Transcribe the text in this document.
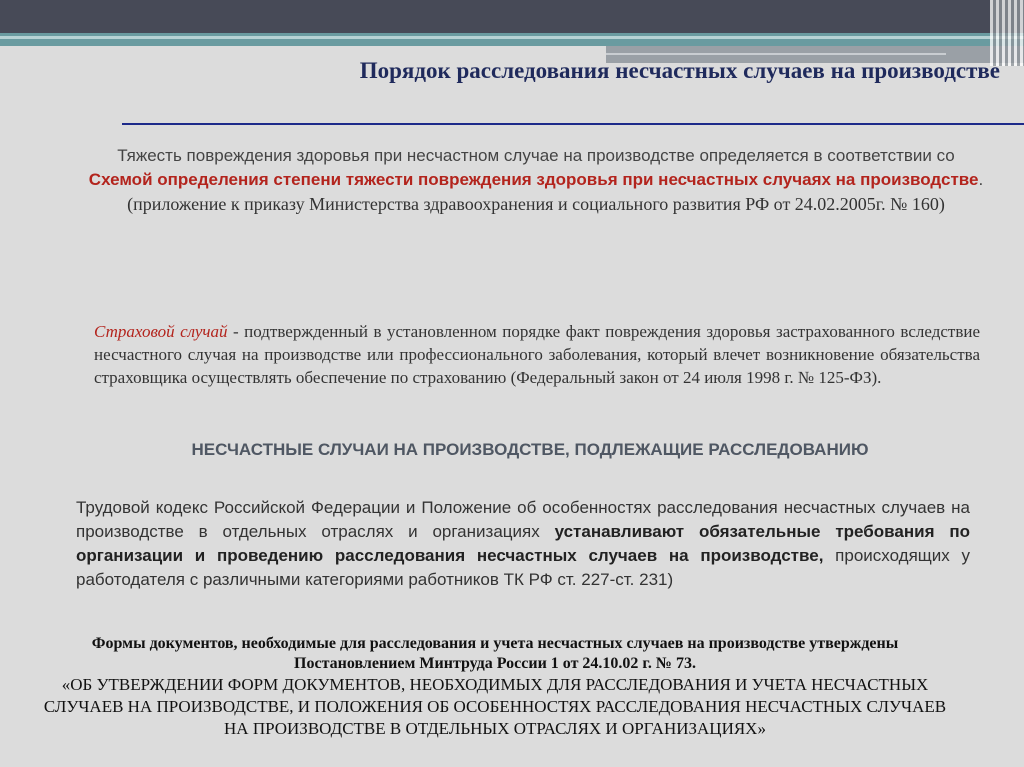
Порядок расследования несчастных случаев на производстве
Тяжесть повреждения здоровья при несчастном случае на производстве определяется в соответствии со
Схемой определения степени тяжести повреждения здоровья при несчастных случаях на производстве.
(приложение к приказу Министерства здравоохранения и социального развития РФ от 24.02.2005г. № 160)
Страховой случай - подтвержденный в установленном порядке факт повреждения здоровья застрахованного вследствие несчастного случая на производстве или профессионального заболевания, который влечет возникновение обязательства страховщика осуществлять обеспечение по страхованию (Федеральный закон от 24 июля 1998 г. № 125-ФЗ).
НЕСЧАСТНЫЕ СЛУЧАИ НА ПРОИЗВОДСТВЕ, ПОДЛЕЖАЩИЕ РАССЛЕДОВАНИЮ
Трудовой кодекс Российской Федерации и Положение об особенностях расследования несчастных случаев на производстве в отдельных отраслях и организациях устанавливают обязательные требования по организации и проведению расследования несчастных случаев на производстве, происходящих у работодателя с различными категориями работников ТК РФ ст. 227-ст. 231)
Формы документов, необходимые для расследования и учета несчастных случаев на производстве утверждены
Постановлением Минтруда России 1 от 24.10.02 г. № 73.
«ОБ УТВЕРЖДЕНИИ ФОРМ ДОКУМЕНТОВ, НЕОБХОДИМЫХ ДЛЯ РАССЛЕДОВАНИЯ И УЧЕТА НЕСЧАСТНЫХ СЛУЧАЕВ НА ПРОИЗВОДСТВЕ, И ПОЛОЖЕНИЯ ОБ ОСОБЕННОСТЯХ РАССЛЕДОВАНИЯ НЕСЧАСТНЫХ СЛУЧАЕВ НА ПРОИЗВОДСТВЕ В ОТДЕЛЬНЫХ ОТРАСЛЯХ И ОРГАНИЗАЦИЯХ»
